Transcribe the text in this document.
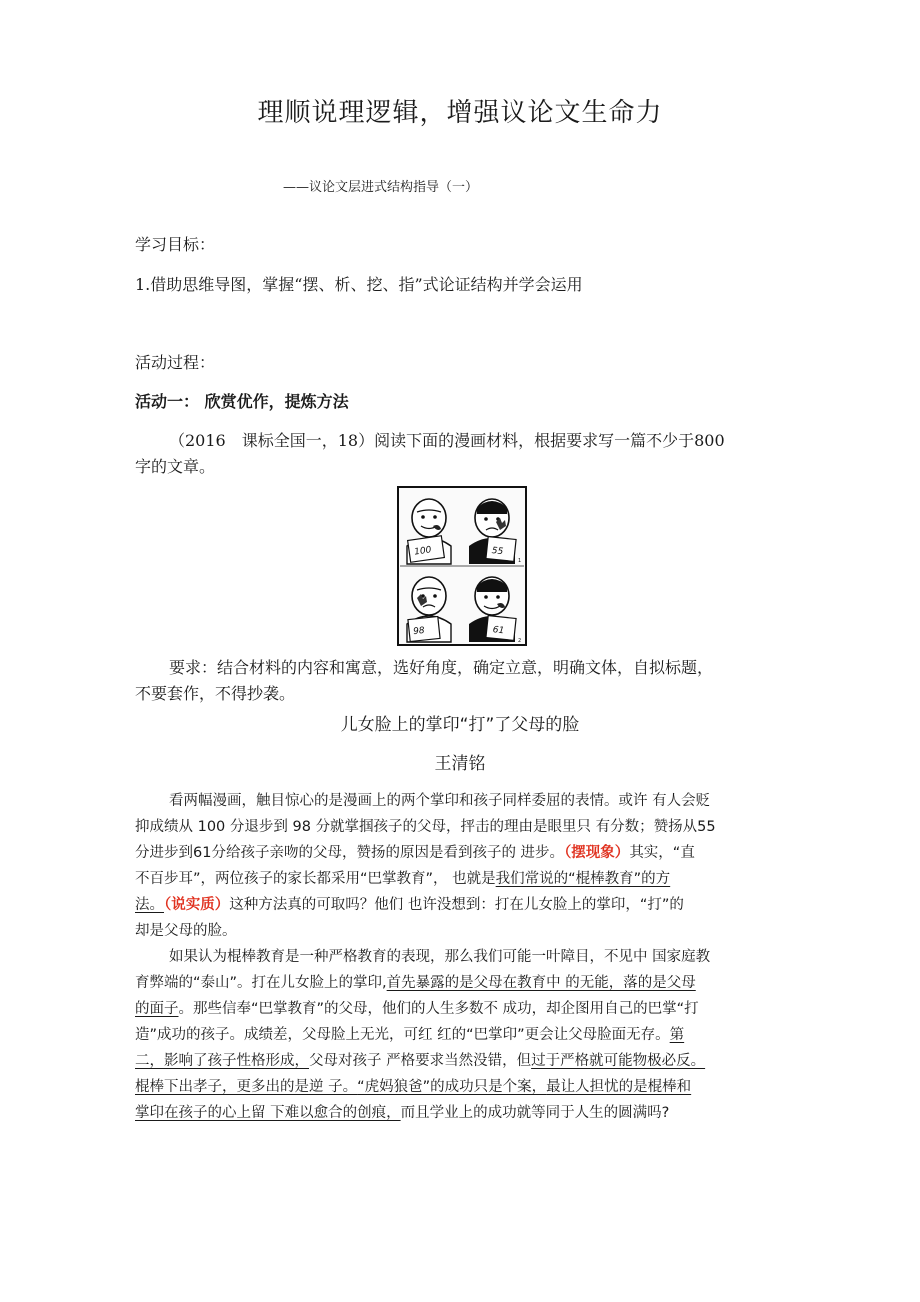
理顺说理逻辑，增强议论文生命力
——议论文层进式结构指导（一）
学习目标：
1.借助思维导图，掌握“摆、析、挖、指”式论证结构并学会运用
活动过程：
活动一： 欣赏优作，提炼方法
（2016　课标全国一，18）阅读下面的漫画材料，根据要求写一篇不少于800
字的文章。
100	55
1
98	61
2
要求：结合材料的内容和寓意，选好角度，确定立意，明确文体，自拟标题，
不要套作，不得抄袭。
儿女脸上的掌印“打”了父母的脸
王清铭
看两幅漫画，触目惊心的是漫画上的两个掌印和孩子同样委屈的表情。或许 有人会贬
抑成绩从 100 分退步到 98 分就掌掴孩子的父母，抨击的理由是眼里只 有分数；赞扬从55
分进步到61分给孩子亲吻的父母，赞扬的原因是看到孩子的 进步。（摆现象）其实，“直
不百步耳”，两位孩子的家长都采用“巴掌教育”， 也就是我们常说的“棍棒教育”的方
法。（说实质）这种方法真的可取吗？他们 也许没想到：打在儿女脸上的掌印，“打”的
却是父母的脸。
如果认为棍棒教育是一种严格教育的表现，那么我们可能一叶障目，不见中 国家庭教
育弊端的“泰山”。打在儿女脸上的掌印,首先暴露的是父母在教育中 的无能，落的是父母
的面子。那些信奉“巴掌教育”的父母，他们的人生多数不 成功，却企图用自己的巴掌“打
造”成功的孩子。成绩差，父母脸上无光，可红 红的“巴掌印”更会让父母脸面无存。第
二，影响了孩子性格形成，父母对孩子 严格要求当然没错，但过于严格就可能物极必反。
棍棒下出孝子，更多出的是逆 子。“虎妈狼爸”的成功只是个案，最让人担忧的是棍棒和
掌印在孩子的心上留 下难以愈合的创痕，而且学业上的成功就等同于人生的圆满吗?
